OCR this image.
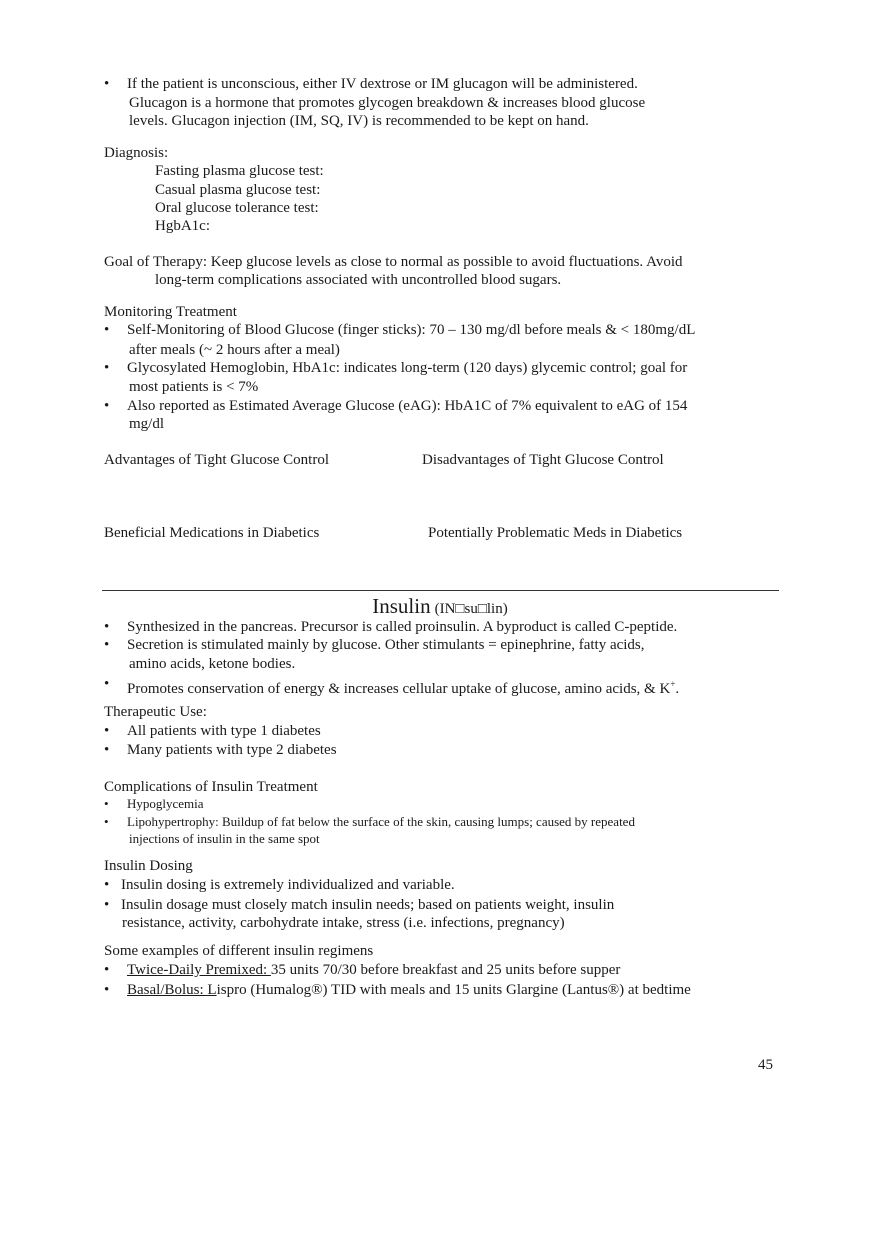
• If the patient is unconscious, either IV dextrose or IM glucagon will be administered.
Glucagon is a hormone that promotes glycogen breakdown & increases blood glucose
levels. Glucagon injection (IM, SQ, IV) is recommended to be kept on hand.
Diagnosis:
Fasting plasma glucose test:
Casual plasma glucose test:
Oral glucose tolerance test:
HgbA1c:
Goal of Therapy: Keep glucose levels as close to normal as possible to avoid fluctuations. Avoid
long-term complications associated with uncontrolled blood sugars.
Monitoring Treatment
• Self-Monitoring of Blood Glucose (finger sticks): 70 – 130 mg/dl before meals & < 180mg/dL
after meals (~ 2 hours after a meal)
• Glycosylated Hemoglobin, HbA1c: indicates long-term (120 days) glycemic control; goal for
most patients is < 7%
• Also reported as Estimated Average Glucose (eAG): HbA1C of 7% equivalent to eAG of 154
mg/dl
Advantages of Tight Glucose Control	Disadvantages of Tight Glucose Control
Beneficial Medications in Diabetics	Potentially Problematic Meds in Diabetics
Insulin (IN□su□lin)
• Synthesized in the pancreas. Precursor is called proinsulin. A byproduct is called C-peptide.
• Secretion is stimulated mainly by glucose. Other stimulants = epinephrine, fatty acids,
amino acids, ketone bodies.
• Promotes conservation of energy & increases cellular uptake of glucose, amino acids, & K+.
Therapeutic Use:
• All patients with type 1 diabetes
• Many patients with type 2 diabetes
Complications of Insulin Treatment
• Hypoglycemia
• Lipohypertrophy: Buildup of fat below the surface of the skin, causing lumps; caused by repeated
injections of insulin in the same spot
Insulin Dosing
• Insulin dosing is extremely individualized and variable.
• Insulin dosage must closely match insulin needs; based on patients weight, insulin
resistance, activity, carbohydrate intake, stress (i.e. infections, pregnancy)
Some examples of different insulin regimens
• Twice-Daily Premixed: 35 units 70/30 before breakfast and 25 units before supper
• Basal/Bolus: Lispro (Humalog®) TID with meals and 15 units Glargine (Lantus®) at bedtime
45
